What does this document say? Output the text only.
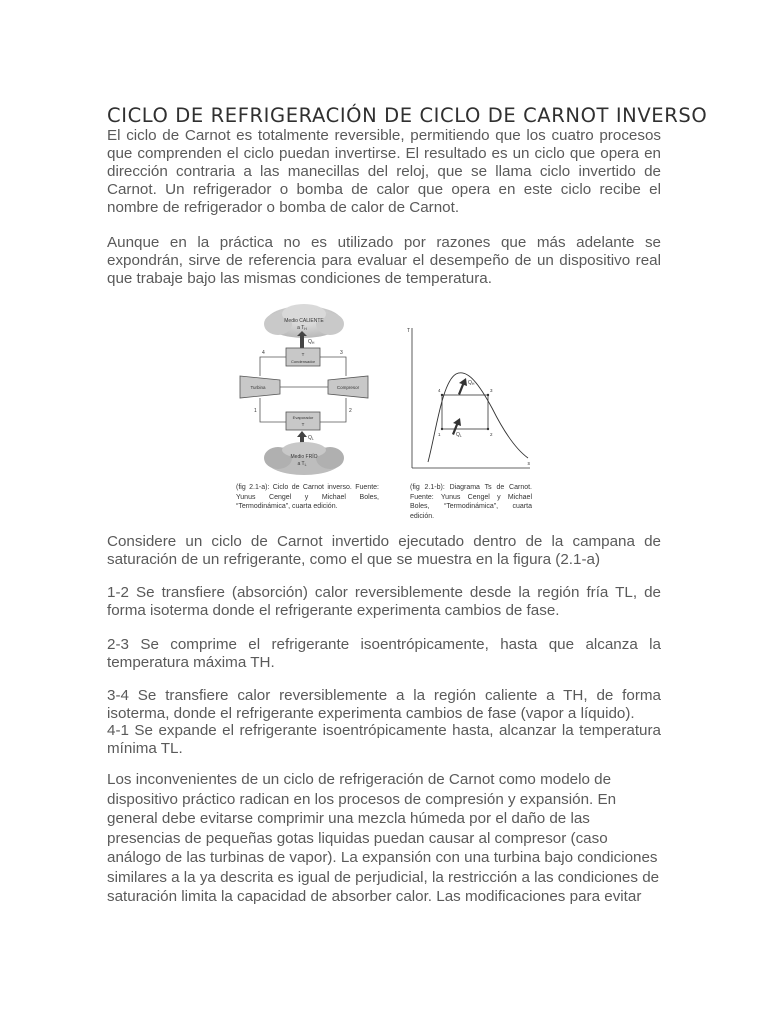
CICLO DE REFRIGERACIÓN DE CICLO DE CARNOT INVERSO

El ciclo de Carnot es totalmente reversible, permitiendo que los cuatro procesos que comprenden el ciclo puedan invertirse. El resultado es un ciclo que opera en dirección contraria a las manecillas del reloj, que se llama ciclo invertido de Carnot. Un refrigerador o bomba de calor que opera en este ciclo recibe el nombre de refrigerador o bomba de calor de Carnot.

Aunque en la práctica no es utilizado por razones que más adelante se expondrán, sirve de referencia para evaluar el desempeño de un dispositivo real que trabaje bajo las mismas condiciones de temperatura.

Considere un ciclo de Carnot invertido ejecutado dentro de la campana de saturación de un refrigerante, como el que se muestra en la figura (2.1-a)

1-2 Se transfiere (absorción) calor reversiblemente desde la región fría TL, de forma isoterma donde el refrigerante experimenta cambios de fase.

2-3 Se comprime el refrigerante isoentrópicamente, hasta que alcanza la temperatura máxima TH.

3-4 Se transfiere calor reversiblemente a la región caliente a TH, de forma isoterma, donde el refrigerante experimenta cambios de fase (vapor a líquido).

4-1 Se expande el refrigerante isoentrópicamente hasta, alcanzar la temperatura mínima TL.

Los inconvenientes de un ciclo de refrigeración de Carnot como modelo de dispositivo práctico radican en los procesos de compresión y expansión. En general debe evitarse comprimir una mezcla húmeda por el daño de las presencias de pequeñas gotas liquidas puedan causar al compresor (caso análogo de las turbinas de vapor). La expansión con una turbina bajo condiciones similares a la ya descrita es igual de perjudicial, la restricción a las condiciones de saturación limita la capacidad de absorber calor. Las modificaciones para evitar

Medio CALIENTE
a $T_H$
$Q_H$
T
Condensador
4	3
1	2
Turbina	Compresor
Evaporador
T
$Q_L$
Medio FRÍO
a $T_L$
(fig 2.1-a): Ciclo de Carnot inverso. Fuente: Yunus Cengel y Michael Boles, “Termodinámica”, cuarta edición.
T
s
4	3
1	2
$Q_H$
$Q_L$
(fig 2.1-b): Diagrama Ts de Carnot. Fuente: Yunus Cengel y Michael Boles, “Termodinámica”, cuarta edición.
